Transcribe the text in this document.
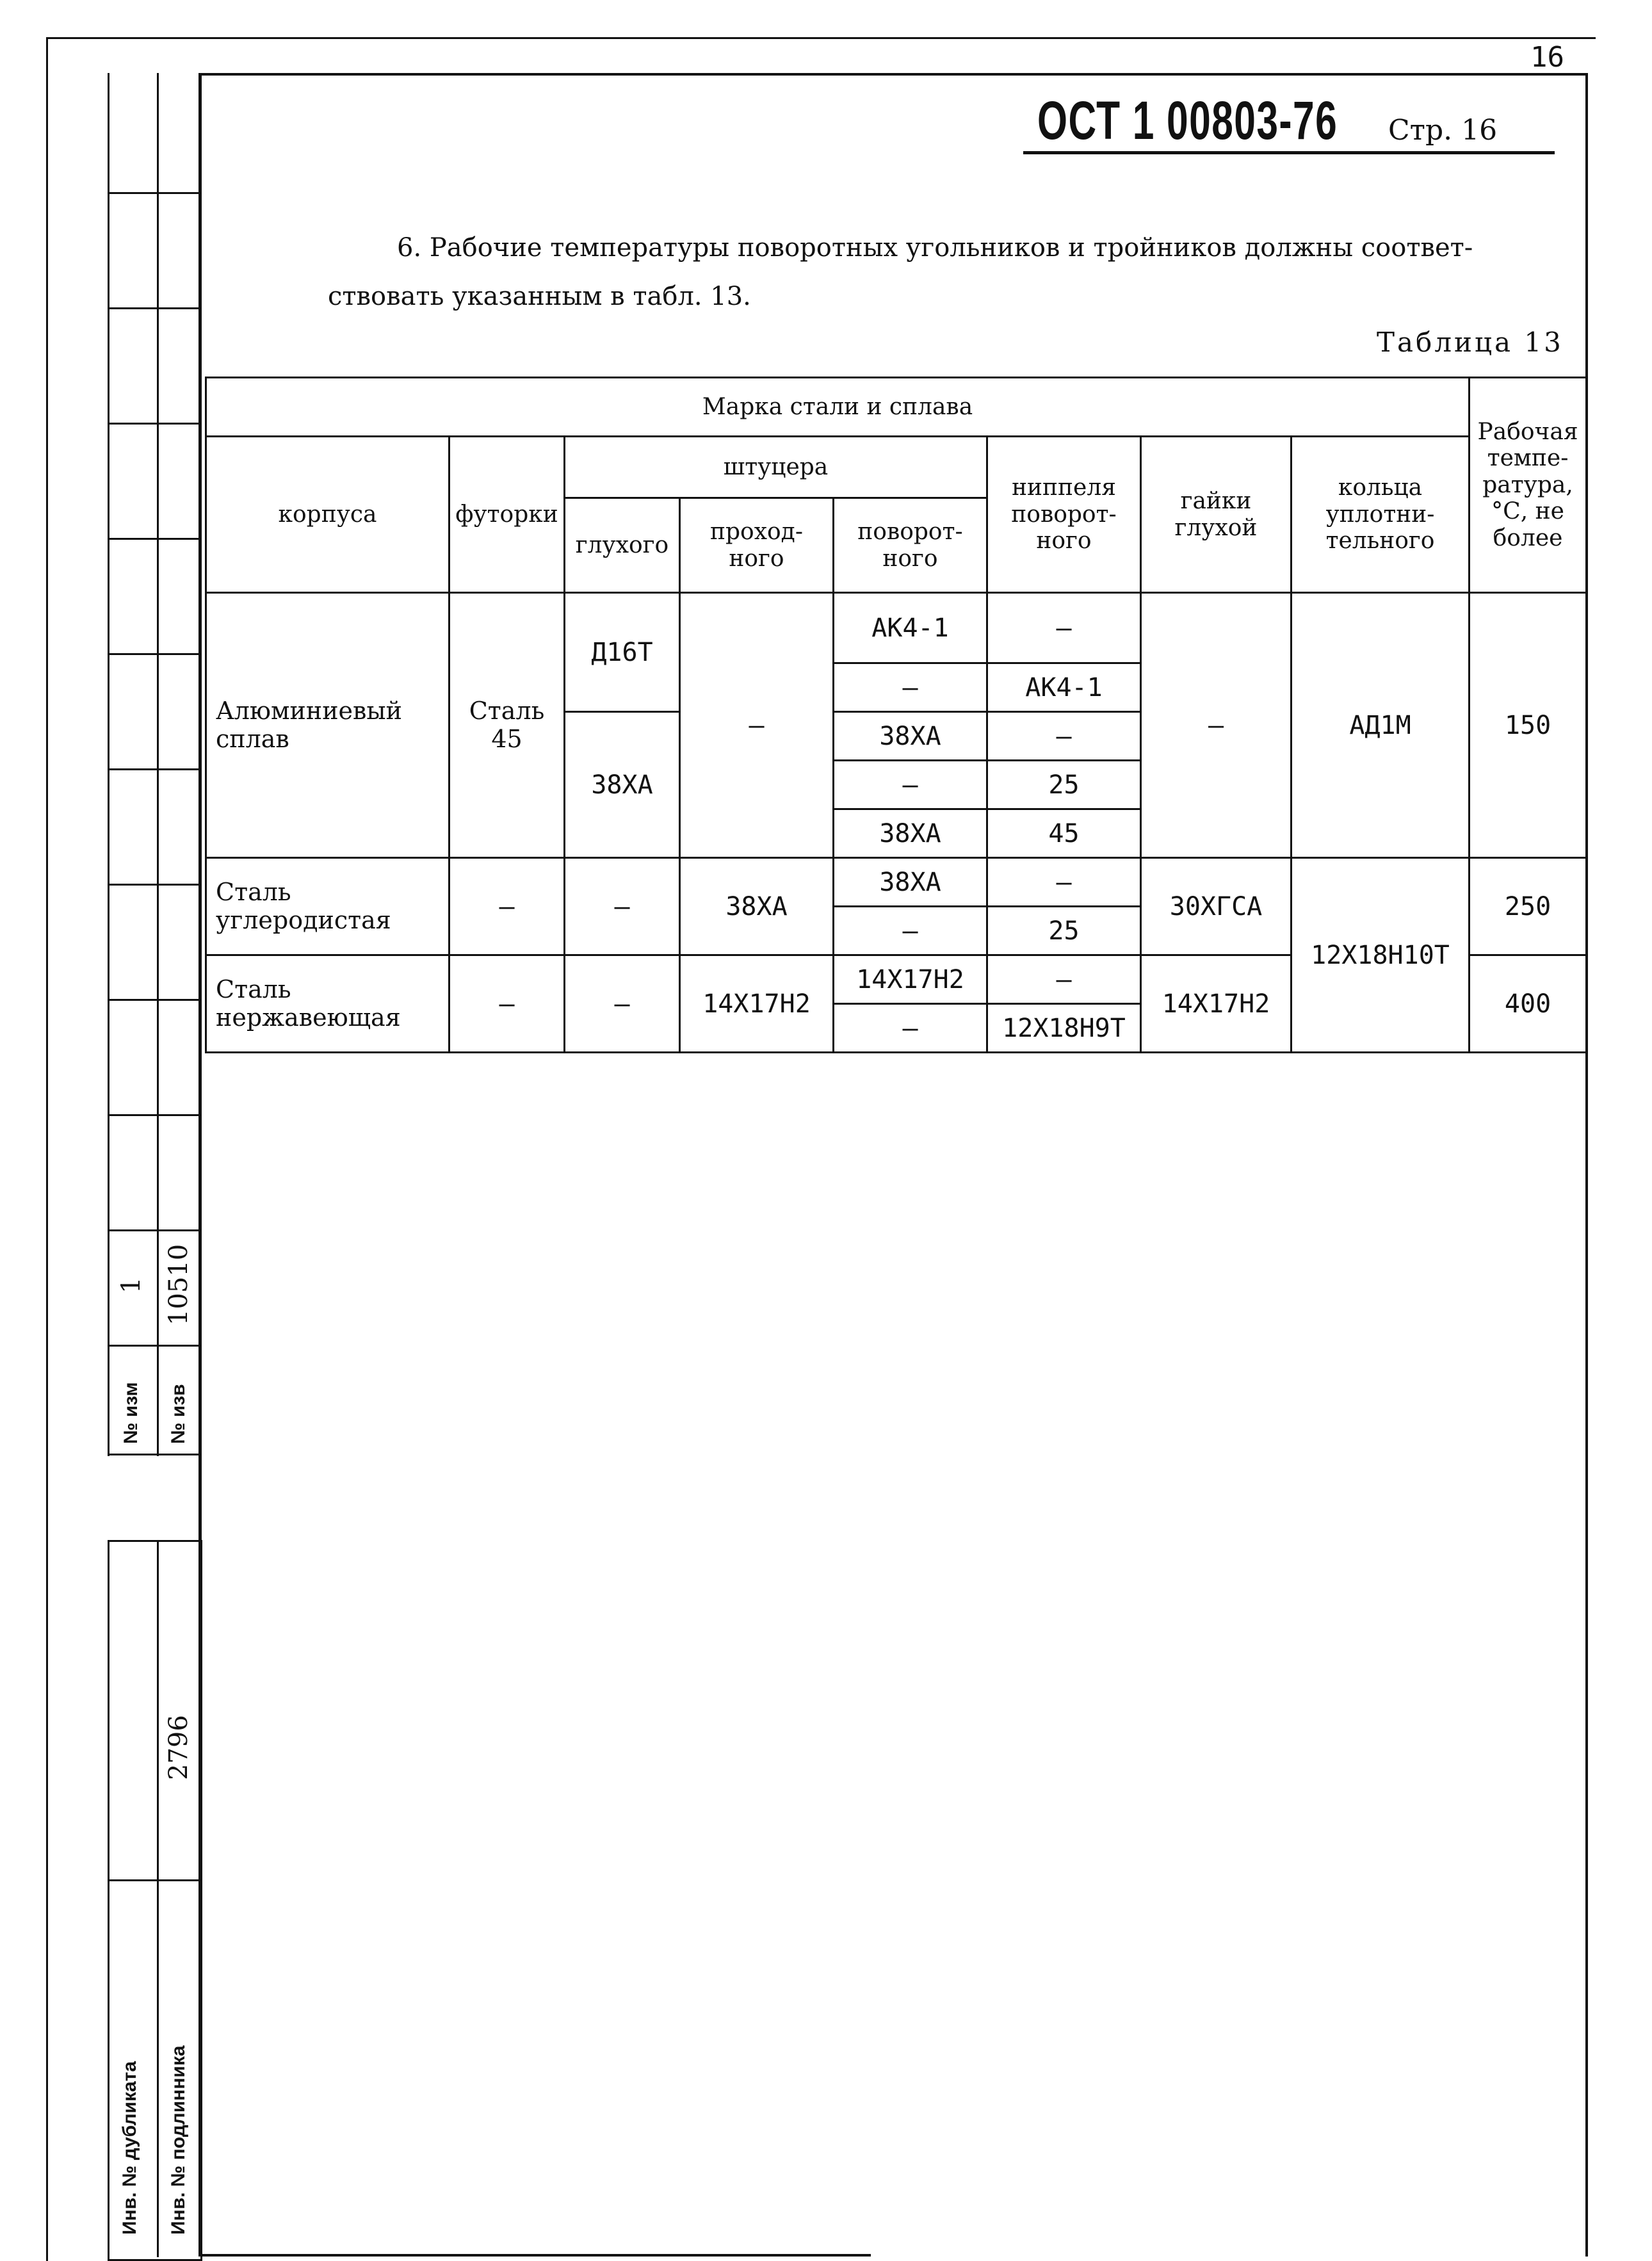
№ изм № изв
1 10510
Инв. № дубликата Инв. № подлинника
2796
16
ОСТ 1 00803-76 Стр. 16
6. Рабочие температуры поворотных угольников и тройников должны соответ-
ствовать указанным в табл. 13.
Таблица 13
Марка стали и сплава								Рабочая темпе- ратура, °С, не более
корпуса	футорки	штуцера			ниппеля поворот- ного	гайки глухой	кольца уплотни- тельного	
		глухого	проход- ного	поворот- ного				
Алюминиевый сплав	Сталь 45	Д16Т	–	АК4-1	–	–	АД1М	150
				–	АК4-1			
		38ХА		38ХА	–			
				–	25			
				38ХА	45			
Сталь углеродистая	–	–	38ХА	38ХА	–	30ХГСА	12Х18Н10Т	250
				–	25			
Сталь нержавеющая	–	–	14Х17Н2	14Х17Н2	–	14Х17Н2		400
				–	12Х18Н9Т			
